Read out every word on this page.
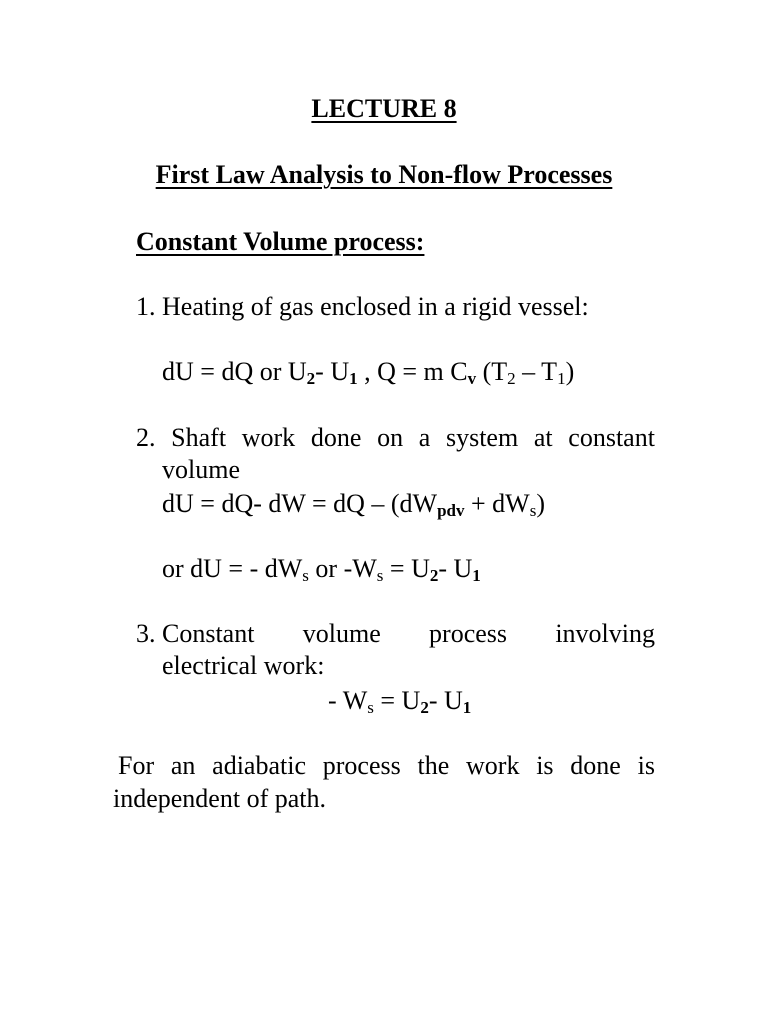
LECTURE 8
First Law Analysis to Non-flow Processes
Constant Volume process:
1. Heating of gas enclosed in a rigid vessel:
dU = dQ or $U_2-$ $U_1$ , Q = m $C_v$ $(T_2 - T_1)$
2. Shaft work done on a system at constant
volume
dU = dQ- dW = dQ – $(dW_{pdv} + dW_s)$
or dU = - $dW_s$ or $-W_s = U_2-$ $U_1$
3. Constant volume process involving
electrical work:
- $W_s = U_2-$ $U_1$
For an adiabatic process the work is done is
independent of path.
